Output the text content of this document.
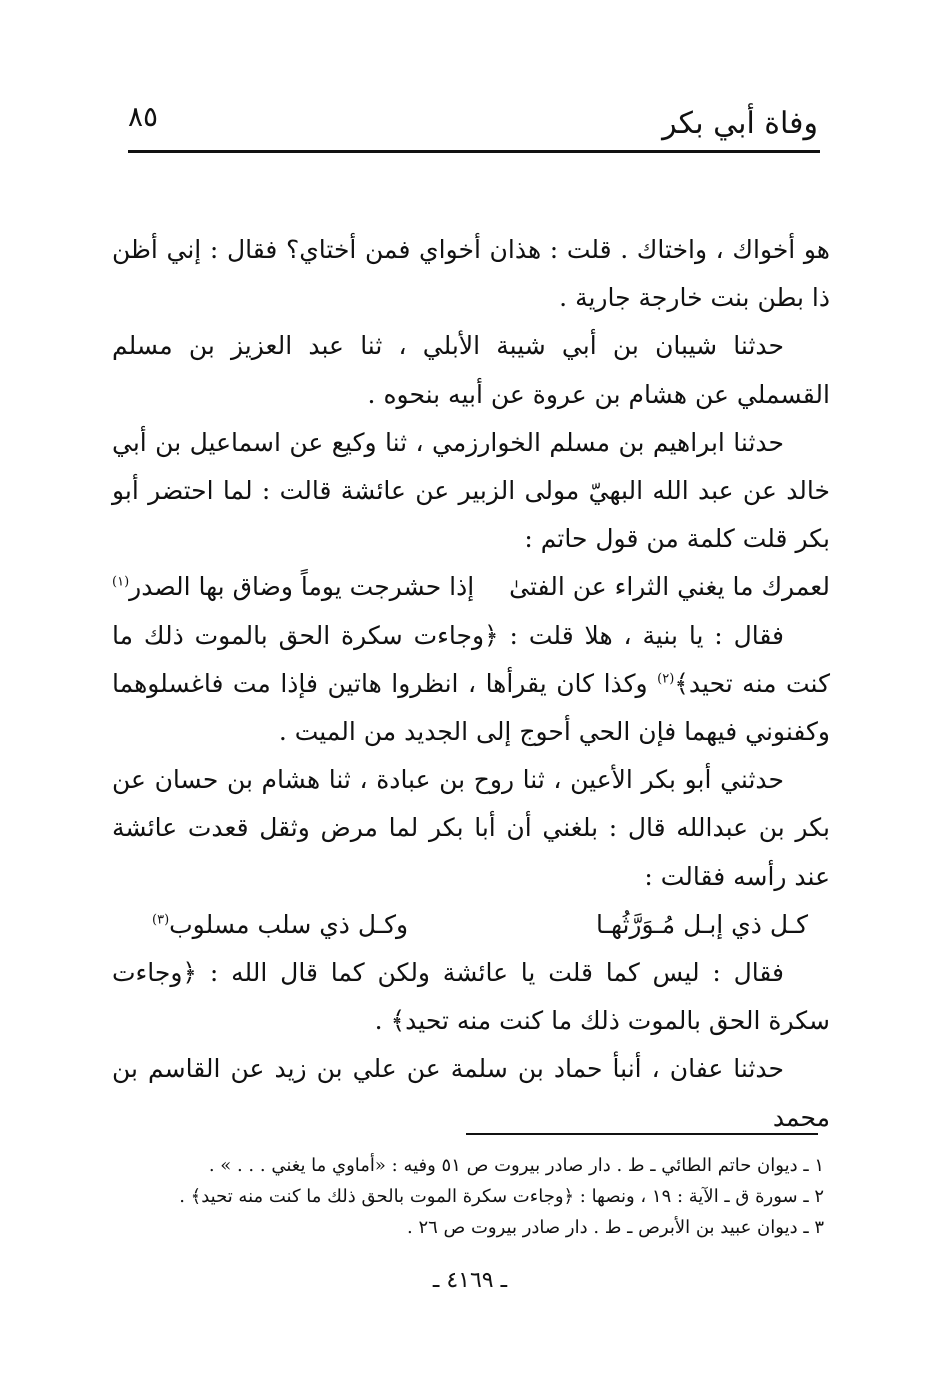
وفاة أبي بكر
٨٥

هو أخواك ، واختاك . قلت : هذان أخواي فمن أختاي؟ فقال : إني أظن ذا بطن بنت خارجة جارية .

حدثنا شيبان بن أبي شيبة الأبلي ، ثنا عبد العزيز بن مسلم القسملي عن هشام بن عروة عن أبيه بنحوه .

حدثنا ابراهيم بن مسلم الخوارزمي ، ثنا وكيع عن اسماعيل بن أبي خالد عن عبد الله البهيّ مولى الزبير عن عائشة قالت : لما احتضر أبو بكر قلت كلمة من قول حاتم :

لعمرك ما يغني الثراء عن الفتىٰ
إذا حشرجت يوماً وضاق بها الصدر$^{(١)}$

فقال : يا بنية ، هلا قلت : ﴿وجاءت سكرة الحق بالموت ذلك ما كنت منه تحيد﴾$^{(٢)}$ وكذا كان يقرأها ، انظروا هاتين فإذا مت فاغسلوهما وكفنوني فيهما فإن الحي أحوج إلى الجديد من الميت .

حدثني أبو بكر الأعين ، ثنا روح بن عبادة ، ثنا هشام بن حسان عن بكر بن عبدالله قال : بلغني أن أبا بكر لما مرض وثقل قعدت عائشة عند رأسه فقالت :

كـل ذي إبـل مُـوَرَّثُهـا
وكـل ذي سلب مسلوب$^{(٣)}$

فقال : ليس كما قلت يا عائشة ولكن كما قال الله : ﴿وجاءت سكرة الحق بالموت ذلك ما كنت منه تحيد﴾ .

حدثنا عفان ، أنبأ حماد بن سلمة عن علي بن زيد عن القاسم بن محمد

١ ـ ديوان حاتم الطائي ـ ط . دار صادر بيروت ص ٥١ وفيه : «أماوي ما يغني . . . » .

٢ ـ سورة ق ـ الآية : ١٩ ، ونصها : ﴿وجاءت سكرة الموت بالحق ذلك ما كنت منه تحيد﴾ .

٣ ـ ديوان عبيد بن الأبرص ـ ط . دار صادر بيروت ص ٢٦ .

ـ ٤١٦٩ ـ
